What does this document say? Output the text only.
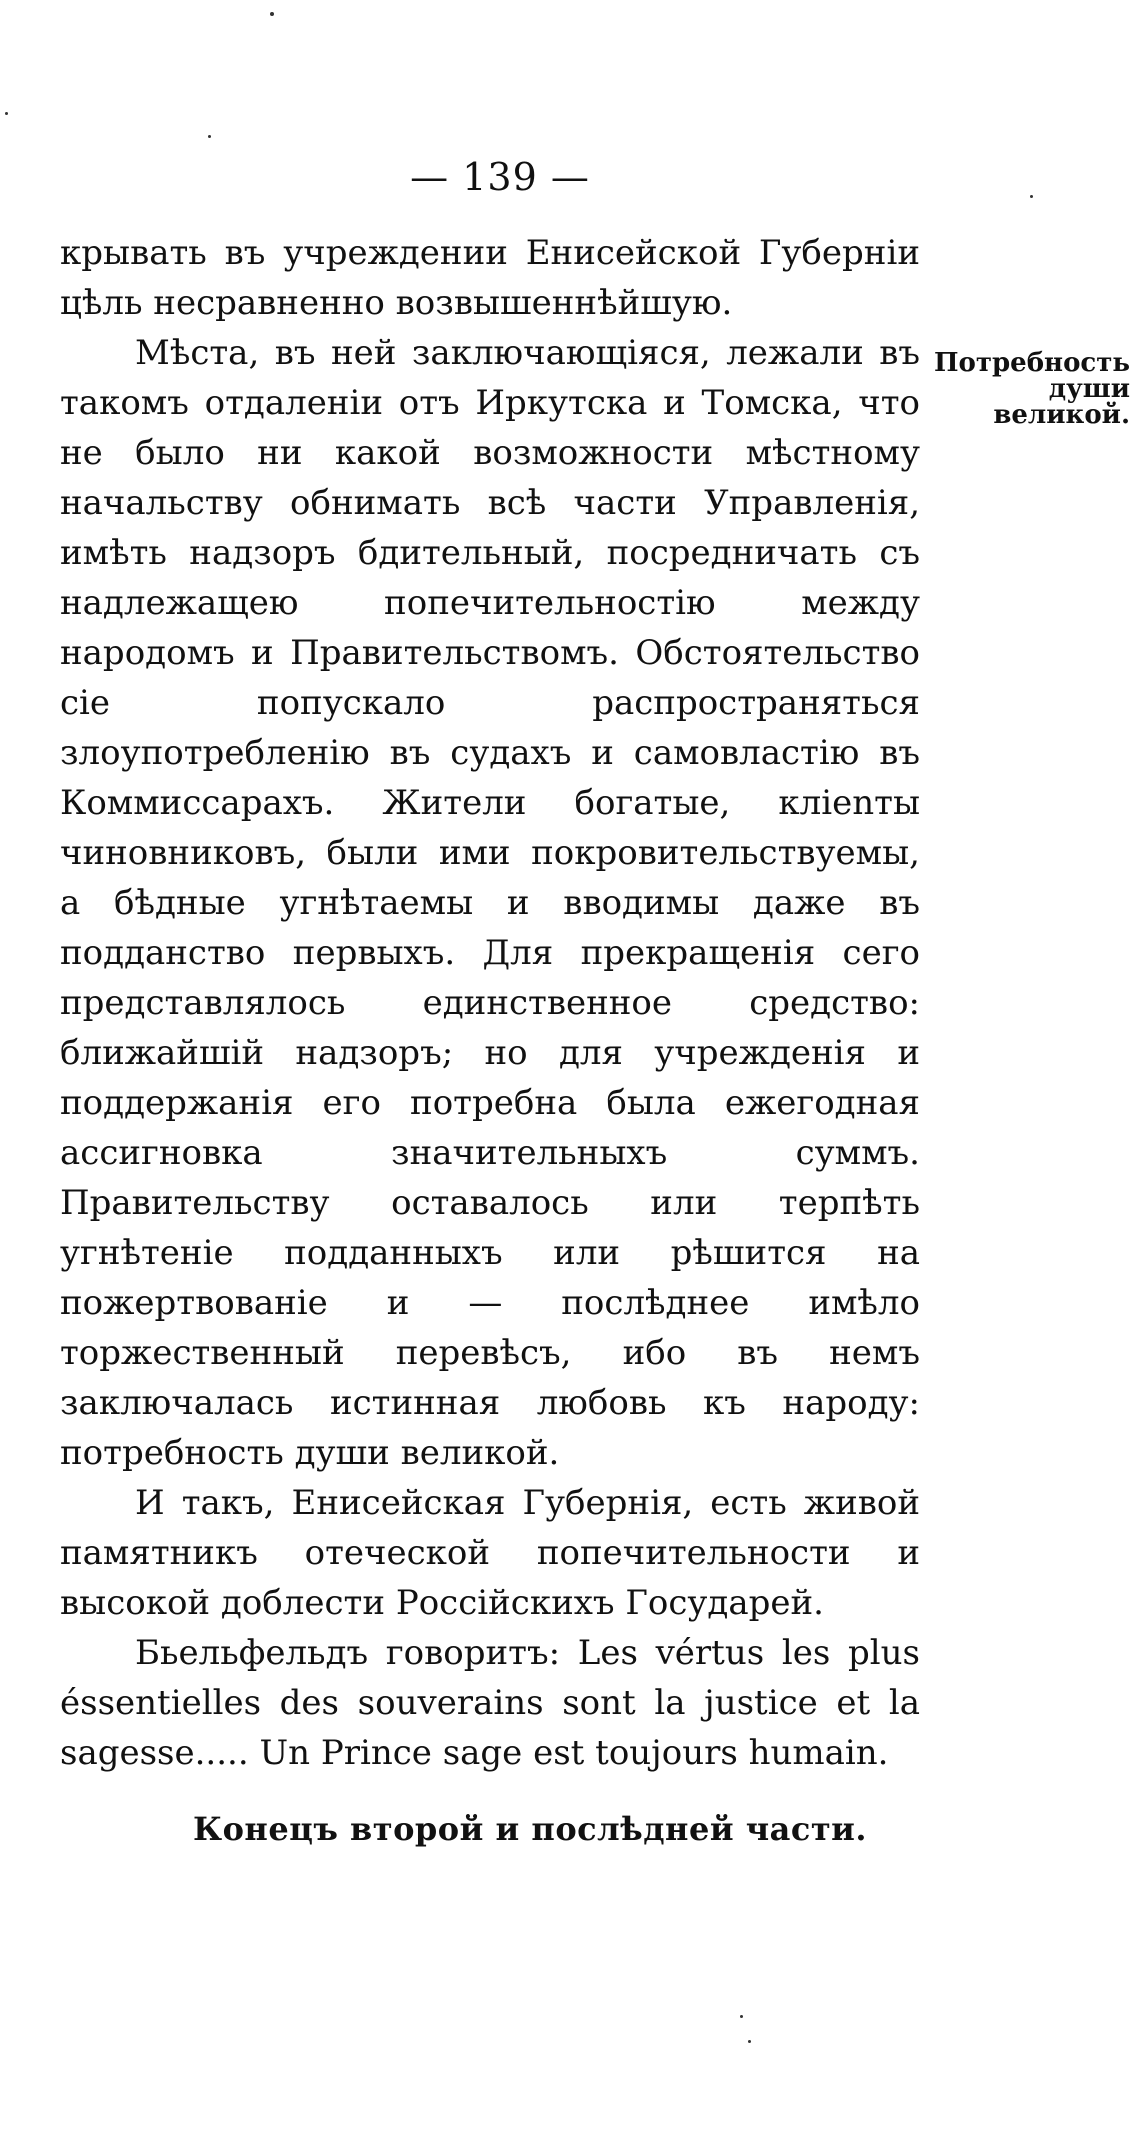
— 139 —

крывать въ учреждении Енисейской Губерніи цѣль несравненно возвышеннѣйшую.

Мѣста, въ ней заключающіяся, лежали въ такомъ отдаленіи отъ Иркутска и Томска, что не было ни какой возможности мѣстному начальству обнимать всѣ части Управленія, имѣть надзоръ бдительный, посредничать съ надлежащею попечительностію между народомъ и Правительствомъ. Обстоятельство сіе попускало распространяться злоупотребленію въ судахъ и самовластію въ Коммиссарахъ. Жители богатые, клienты чиновниковъ, были ими покровительствуемы, а бѣдные угнѣтаемы и вводимы даже въ подданство первыхъ. Для прекращенія сего представлялось единственное средство: ближайшій надзоръ; но для учрежденія и поддержанія его потребна была ежегодная ассигновка значительныхъ суммъ. Правительству оставалось или терпѣть угнѣтеніе подданныхъ или рѣшится на пожертвованіе и — послѣднее имѣло торжественный перевѣсъ, ибо въ немъ заключалась истинная любовь къ народу: потребность души великой.

И такъ, Енисейская Губернія, есть живой памятникъ отеческой попечительности и высокой доблести Россійскихъ Государей.

Бьельфельдъ говоритъ: Les vértus les plus éssentielles des souverains sont la justice et la sagesse..... Un Prince sage est toujours humain.

Потребность души великой.
Конецъ второй и послѣдней части.
